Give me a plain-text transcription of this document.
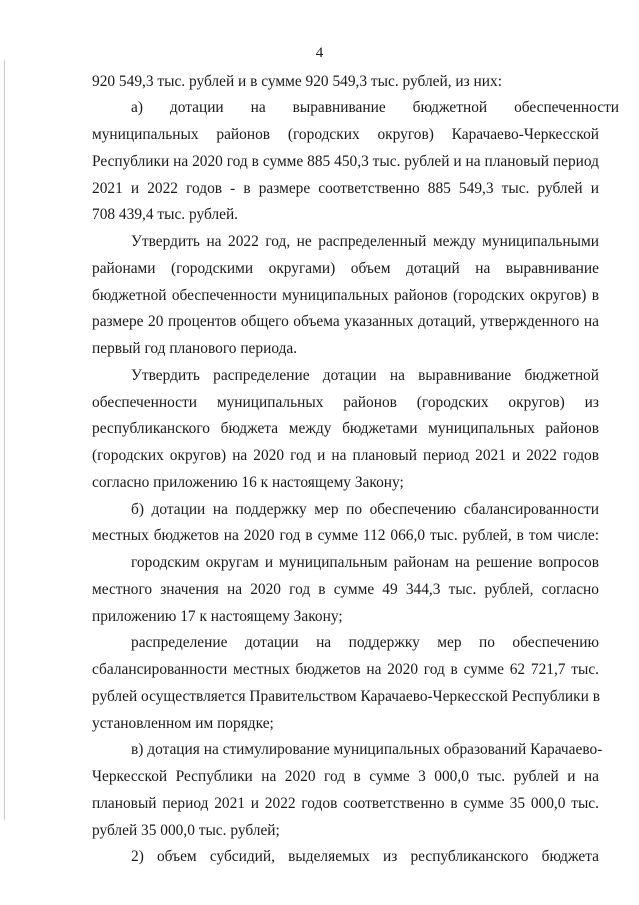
4
920 549,3 тыс. рублей и в сумме 920 549,3 тыс. рублей, из них:
а)       дотации       на       выравнивание       бюджетной       обеспеченности
муниципальных районов (городских округов) Карачаево-Черкесской
Республики на 2020 год в сумме 885 450,3 тыс. рублей и на плановый период
2021 и 2022 годов - в размере соответственно 885 549,3 тыс. рублей и
708 439,4 тыс. рублей.
Утвердить на 2022 год, не распределенный между муниципальными
районами (городскими округами) объем дотаций на выравнивание
бюджетной обеспеченности муниципальных районов (городских округов) в
размере 20 процентов общего объема указанных дотаций, утвержденного на
первый год планового периода.
Утвердить распределение дотации на выравнивание бюджетной
обеспеченности муниципальных районов (городских округов) из
республиканского бюджета между бюджетами муниципальных районов
(городских округов) на 2020 год и на плановый период 2021 и 2022 годов
согласно приложению 16 к настоящему Закону;
б) дотации на поддержку мер по обеспечению сбалансированности
местных бюджетов на 2020 год в сумме 112 066,0 тыс. рублей, в том числе:
городским округам и муниципальным районам на решение вопросов
местного значения на 2020 год в сумме 49 344,3 тыс. рублей, согласно
приложению 17 к настоящему Закону;
распределение дотации на поддержку мер по обеспечению
сбалансированности местных бюджетов на 2020 год в сумме 62 721,7 тыс.
рублей осуществляется Правительством Карачаево-Черкесской Республики в
установленном им порядке;
в) дотация на стимулирование муниципальных образований Карачаево-
Черкесской Республики на 2020 год в сумме 3 000,0 тыс. рублей и на
плановый период 2021 и 2022 годов соответственно в сумме 35 000,0 тыс.
рублей 35 000,0 тыс. рублей;
2) объем субсидий, выделяемых из республиканского бюджета
